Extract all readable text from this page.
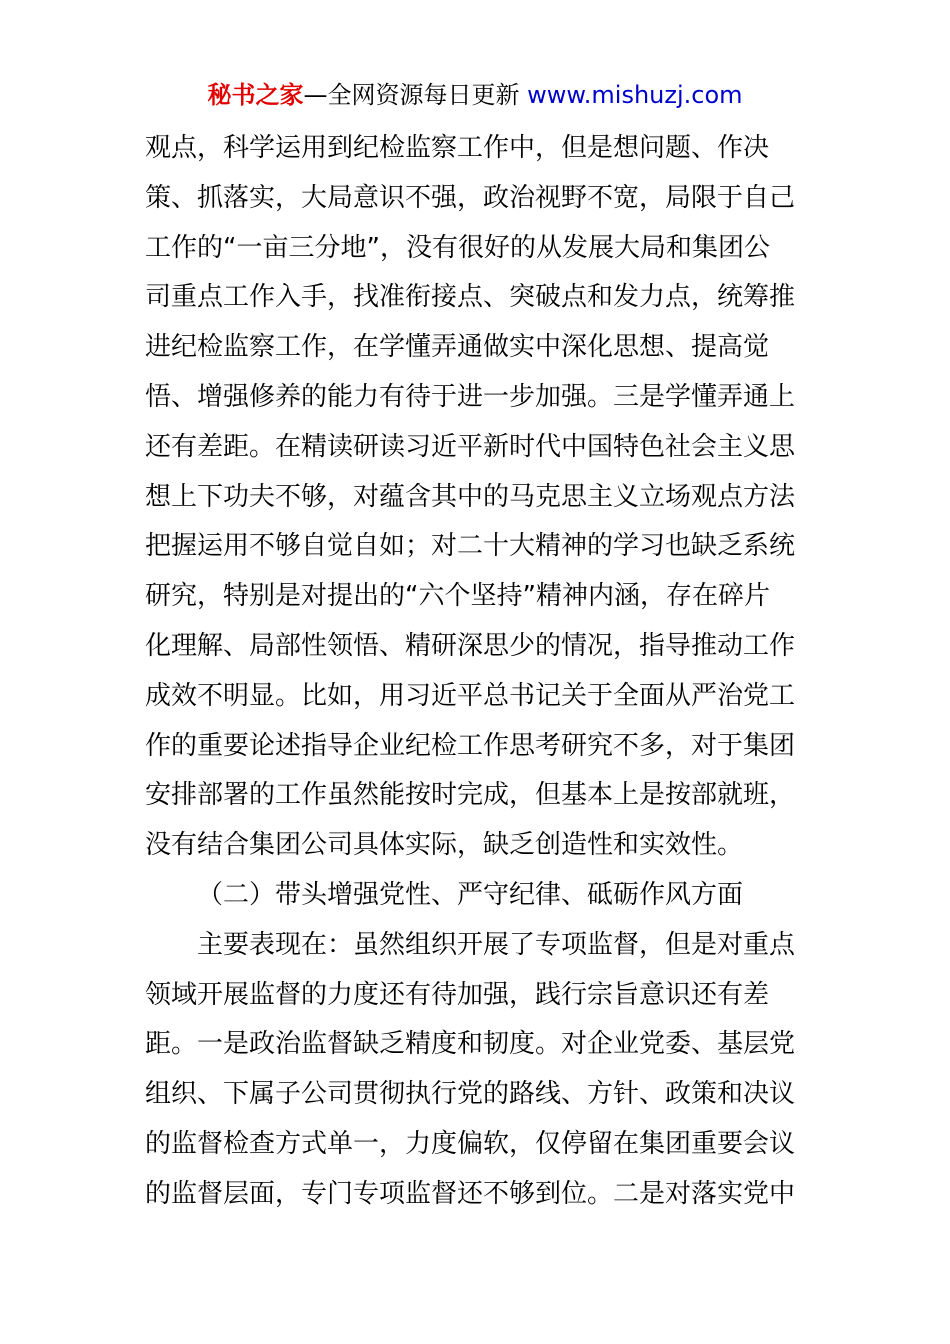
秘书之家—全网资源每日更新 www.mishuzj.com
观点，科学运用到纪检监察工作中，但是想问题、作决
策、抓落实，大局意识不强，政治视野不宽，局限于自己
工作的“一亩三分地”，没有很好的从发展大局和集团公
司重点工作入手，找准衔接点、突破点和发力点，统筹推
进纪检监察工作，在学懂弄通做实中深化思想、提高觉
悟、增强修养的能力有待于进一步加强。三是学懂弄通上
还有差距。在精读研读习近平新时代中国特色社会主义思
想上下功夫不够，对蕴含其中的马克思主义立场观点方法
把握运用不够自觉自如；对二十大精神的学习也缺乏系统
研究，特别是对提出的“六个坚持”精神内涵，存在碎片
化理解、局部性领悟、精研深思少的情况，指导推动工作
成效不明显。比如，用习近平总书记关于全面从严治党工
作的重要论述指导企业纪检工作思考研究不多，对于集团
安排部署的工作虽然能按时完成，但基本上是按部就班，
没有结合集团公司具体实际，缺乏创造性和实效性。
（二）带头增强党性、严守纪律、砥砺作风方面
主要表现在：虽然组织开展了专项监督，但是对重点
领域开展监督的力度还有待加强，践行宗旨意识还有差
距。一是政治监督缺乏精度和韧度。对企业党委、基层党
组织、下属子公司贯彻执行党的路线、方针、政策和决议
的监督检查方式单一，力度偏软，仅停留在集团重要会议
的监督层面，专门专项监督还不够到位。二是对落实党中
